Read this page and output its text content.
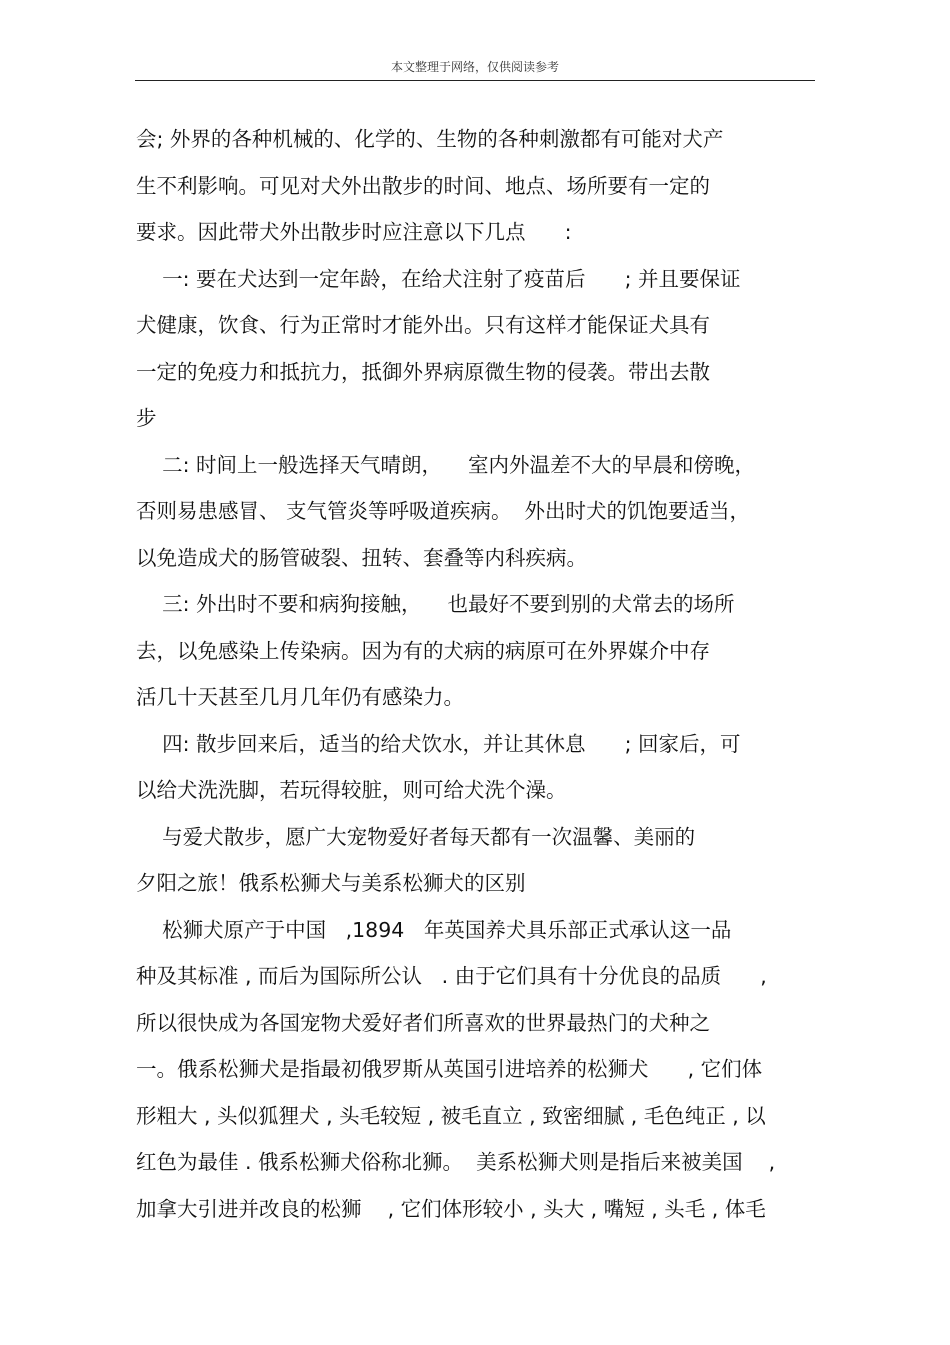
本文整理于网络，仅供阅读参考
会; 外界的各种机械的、化学的、生物的各种刺激都有可能对犬产
生不利影响。可见对犬外出散步的时间、地点、场所要有一定的
要求。因此带犬外出散步时应注意以下几点      :
一: 要在犬达到一定年龄，在给犬注射了疫苗后      ; 并且要保证
犬健康，饮食、行为正常时才能外出。只有这样才能保证犬具有
一定的免疫力和抵抗力，抵御外界病原微生物的侵袭。带出去散
步
二: 时间上一般选择天气晴朗，    室内外温差不大的早晨和傍晚，
否则易患感冒、 支气管炎等呼吸道疾病。  外出时犬的饥饱要适当，
以免造成犬的肠管破裂、扭转、套叠等内科疾病。
三: 外出时不要和病狗接触，    也最好不要到别的犬常去的场所
去，以免感染上传染病。因为有的犬病的病原可在外界媒介中存
活几十天甚至几月几年仍有感染力。
四: 散步回来后，适当的给犬饮水，并让其休息      ; 回家后，可
以给犬洗洗脚，若玩得较脏，则可给犬洗个澡。
与爱犬散步，愿广大宠物爱好者每天都有一次温馨、美丽的
夕阳之旅！俄系松狮犬与美系松狮犬的区别
松狮犬原产于中国   ,1894   年英国养犬具乐部正式承认这一品
种及其标准 , 而后为国际所公认   . 由于它们具有十分优良的品质      ,
所以很快成为各国宠物犬爱好者们所喜欢的世界最热门的犬种之
一。俄系松狮犬是指最初俄罗斯从英国引进培养的松狮犬      , 它们体
形粗大 , 头似狐狸犬 , 头毛较短 , 被毛直立 , 致密细腻 , 毛色纯正 , 以
红色为最佳 . 俄系松狮犬俗称北狮。  美系松狮犬则是指后来被美国    ,
加拿大引进并改良的松狮    , 它们体形较小 , 头大 , 嘴短 , 头毛 , 体毛
